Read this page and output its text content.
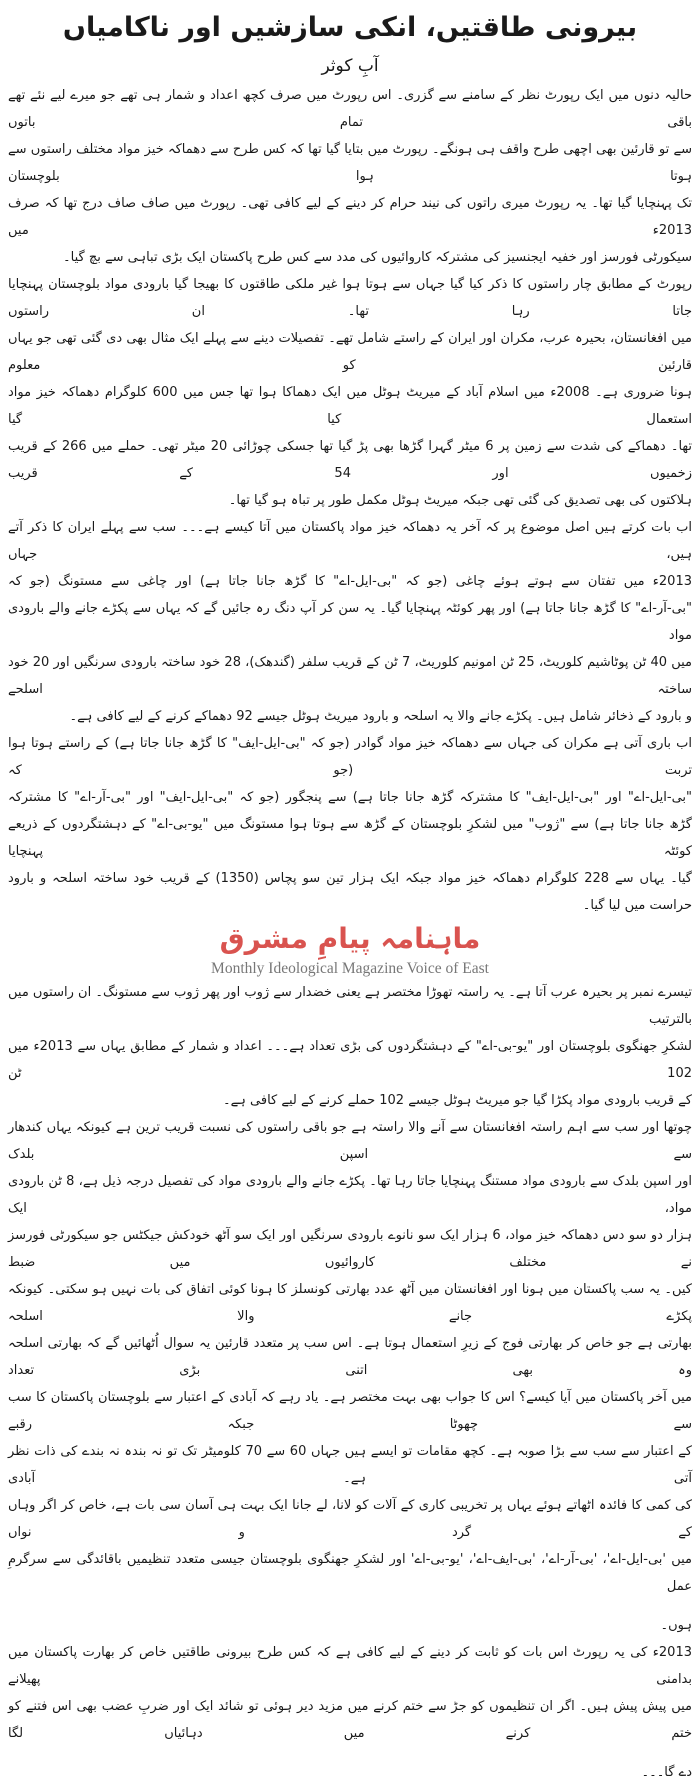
بیرونی طاقتیں، انکی سازشیں اور ناکامیاں
آبِ کوثر
حالیہ دنوں میں ایک رپورٹ نظر کے سامنے سے گزری۔ اس رپورٹ میں صرف کچھ اعداد و شمار ہی تھے جو میرے لیے نئے تھے باقی تمام باتوں
سے تو قارئین بھی اچھی طرح واقف ہی ہونگے۔ رپورٹ میں بتایا گیا تھا کہ کس طرح سے دھماکہ خیز مواد مختلف راستوں سے ہوتا ہوا بلوچستان
تک پہنچایا گیا تھا۔ یہ رپورٹ میری راتوں کی نیند حرام کر دینے کے لیے کافی تھی۔ رپورٹ میں صاف صاف درج تھا کہ صرف 2013ء میں
سیکورٹی فورسز اور خفیہ ایجنسیز کی مشترکہ کاروائیوں کی مدد سے کس طرح پاکستان ایک بڑی تباہی سے بچ گیا۔
رپورٹ کے مطابق چار راستوں کا ذکر کیا گیا جہاں سے ہوتا ہوا غیر ملکی طاقتوں کا بھیجا گیا بارودی مواد بلوچستان پہنچایا جاتا رہا تھا۔ ان راستوں
میں افغانستان، بحیرہ عرب، مکران اور ایران کے راستے شامل تھے۔ تفصیلات دینے سے پہلے ایک مثال بھی دی گئی تھی جو یہاں قارئین کو معلوم
ہونا ضروری ہے۔ 2008ء میں اسلام آباد کے میریٹ ہوٹل میں ایک دھماکا ہوا تھا جس میں 600 کلوگرام دھماکہ خیز مواد استعمال کیا گیا
تھا۔ دھماکے کی شدت سے زمین پر 6 میٹر گہرا گڑھا بھی پڑ گیا تھا جسکی چوڑائی 20 میٹر تھی۔ حملے میں 266 کے قریب زخمیوں اور 54 کے قریب
ہلاکتوں کی بھی تصدیق کی گئی تھی جبکہ میریٹ ہوٹل مکمل طور پر تباہ ہو گیا تھا۔
اب بات کرتے ہیں اصل موضوع پر کہ آخر یہ دھماکہ خیز مواد پاکستان میں آتا کیسے ہے۔۔۔ سب سے پہلے ایران کا ذکر آتے ہیں، جہاں
2013ء میں تفتان سے ہوتے ہوئے چاغی (جو کہ "بی-ایل-اے" کا گڑھ جانا جاتا ہے) اور چاغی سے مستونگ (جو کہ
"بی-آر-اے" کا گڑھ جانا جاتا ہے) اور پھر کوئٹہ پہنچایا گیا۔ یہ سن کر آپ دنگ رہ جائیں گے کہ یہاں سے پکڑے جانے والے بارودی مواد
میں 40 ٹن پوٹاشیم کلوریٹ، 25 ٹن امونیم کلوریٹ، 7 ٹن کے قریب سلفر (گندھک)، 28 خود ساختہ بارودی سرنگیں اور 20 خود ساختہ اسلحے
و بارود کے ذخائر شامل ہیں۔ پکڑے جانے والا یہ اسلحہ و بارود میریٹ ہوٹل جیسے 92 دھماکے کرنے کے لیے کافی ہے۔
اب باری آتی ہے مکران کی جہاں سے دھماکہ خیز مواد گوادر (جو کہ "بی-ایل-ایف" کا گڑھ جانا جاتا ہے) کے راستے ہوتا ہوا تربت (جو کہ
"بی-ایل-اے" اور "بی-ایل-ایف" کا مشترکہ گڑھ جانا جاتا ہے) سے پنجگور (جو کہ "بی-ایل-ایف" اور "بی-آر-اے" کا مشترکہ
گڑھ جانا جاتا ہے) سے "ژوب" میں لشکرِ بلوچستان کے گڑھ سے ہوتا ہوا مستونگ میں "یو-بی-اے" کے دہشتگردوں کے ذریعے کوئٹہ پہنچایا
گیا۔ یہاں سے 228 کلوگرام دھماکہ خیز مواد جبکہ ایک ہزار تین سو پچاس (1350) کے قریب خود ساختہ اسلحہ و بارود حراست میں لیا گیا۔
ماہنامہ پیامِ مشرق
Monthly Ideological Magazine Voice of East
تیسرے نمبر پر بحیرہ عرب آتا ہے۔ یہ راستہ تھوڑا مختصر ہے یعنی خضدار سے ژوب اور پھر ژوب سے مستونگ۔ ان راستوں میں بالترتیب
لشکرِ جھنگوی بلوچستان اور "یو-بی-اے" کے دہشتگردوں کی بڑی تعداد ہے۔۔۔ اعداد و شمار کے مطابق یہاں سے 2013ء میں 102 ٹن
کے قریب بارودی مواد پکڑا گیا جو میریٹ ہوٹل جیسے 102 حملے کرنے کے لیے کافی ہے۔
چوتھا اور سب سے اہم راستہ افغانستان سے آنے والا راستہ ہے جو باقی راستوں کی نسبت قریب ترین ہے کیونکہ یہاں کندھار سے اسپن بلدک
اور اسپن بلدک سے بارودی مواد مستنگ پہنچایا جاتا رہا تھا۔ پکڑے جانے والے بارودی مواد کی تفصیل درجہ ذیل ہے، 8 ٹن بارودی مواد، ایک
ہزار دو سو دس دھماکہ خیز مواد، 6 ہزار ایک سو نانوے بارودی سرنگیں اور ایک سو آٹھ خودکش جیکٹس جو سیکورٹی فورسز نے مختلف کاروائیوں میں ضبط
کیں۔ یہ سب پاکستان میں ہونا اور افغانستان میں آٹھ عدد بھارتی کونسلز کا ہونا کوئی اتفاق کی بات نہیں ہو سکتی۔ کیونکہ پکڑے جانے والا اسلحہ
بھارتی ہے جو خاص کر بھارتی فوج کے زیرِ استعمال ہوتا ہے۔ اس سب پر متعدد قارئین یہ سوال اُٹھائیں گے کہ بھارتی اسلحہ وہ بھی اتنی بڑی تعداد
میں آخر پاکستان میں آیا کیسے؟ اس کا جواب بھی بہت مختصر ہے۔ یاد رہے کہ آبادی کے اعتبار سے بلوچستان پاکستان کا سب سے چھوٹا جبکہ رقبے
کے اعتبار سے سب سے بڑا صوبہ ہے۔ کچھ مقامات تو ایسے ہیں جہاں 60 سے 70 کلومیٹر تک تو نہ بندہ نہ بندے کی ذات نظر آتی ہے۔ آبادی
کی کمی کا فائدہ اٹھاتے ہوئے یہاں پر تخریبی کاری کے آلات کو لانا، لے جانا ایک بہت ہی آسان سی بات ہے، خاص کر اگر وہاں کے گرد و نواں
میں 'بی-ایل-اے'، 'بی-آر-اے'، 'بی-ایف-اے'، 'یو-بی-اے' اور لشکرِ جھنگوی بلوچستان جیسی متعدد تنظیمیں باقائدگی سے سرگرمِ عمل
ہوں۔
2013ء کی یہ رپورٹ اس بات کو ثابت کر دینے کے لیے کافی ہے کہ کس طرح بیرونی طاقتیں خاص کر بھارت پاکستان میں بدامنی پھیلانے
میں پیش پیش ہیں۔ اگر ان تنظیموں کو جڑ سے ختم کرنے میں مزید دیر ہوئی تو شائد ایک اور ضربِ عضب بھی اس فتنے کو ختم کرنے میں دہائیاں لگا
دے گا۔۔۔
